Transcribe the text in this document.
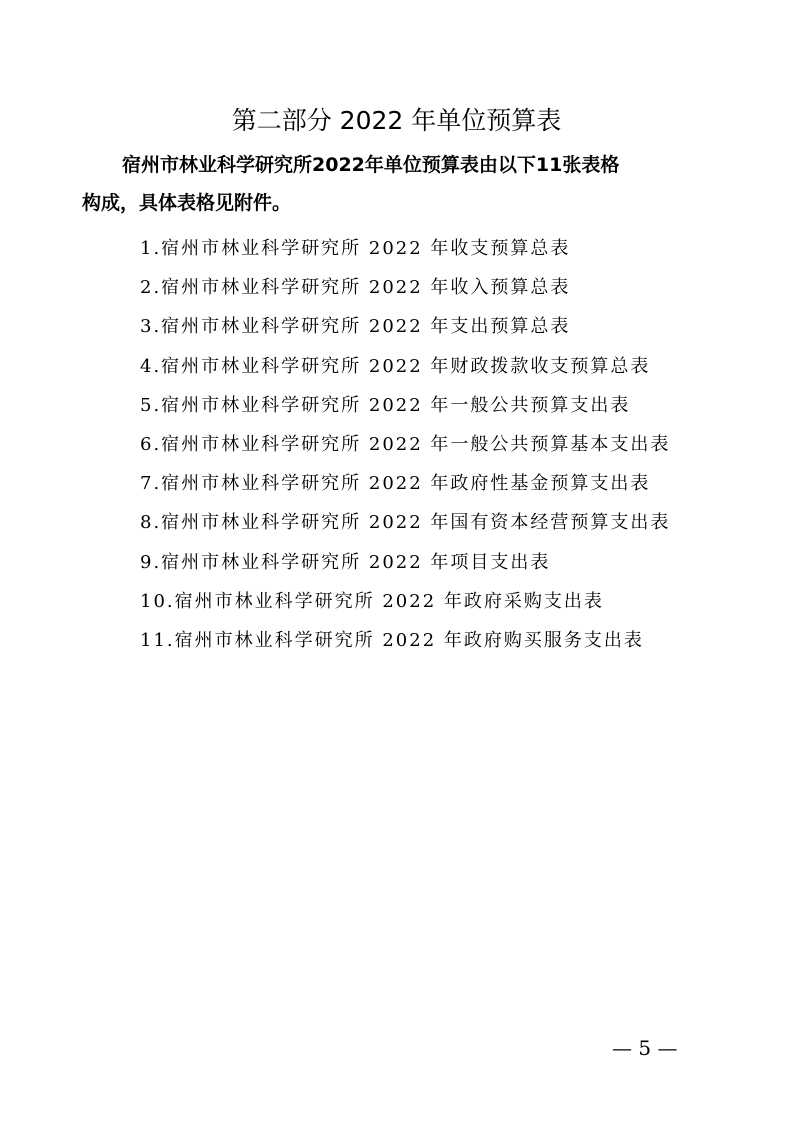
第二部分 2022 年单位预算表

宿州市林业科学研究所2022年单位预算表由以下11张表格

构成，具体表格见附件。

1.宿州市林业科学研究所 2022 年收支预算总表
2.宿州市林业科学研究所 2022 年收入预算总表
3.宿州市林业科学研究所 2022 年支出预算总表
4.宿州市林业科学研究所 2022 年财政拨款收支预算总表
5.宿州市林业科学研究所 2022 年一般公共预算支出表
6.宿州市林业科学研究所 2022 年一般公共预算基本支出表
7.宿州市林业科学研究所 2022 年政府性基金预算支出表
8.宿州市林业科学研究所 2022 年国有资本经营预算支出表
9.宿州市林业科学研究所 2022 年项目支出表
10.宿州市林业科学研究所 2022 年政府采购支出表
11.宿州市林业科学研究所 2022 年政府购买服务支出表
— 5 —
